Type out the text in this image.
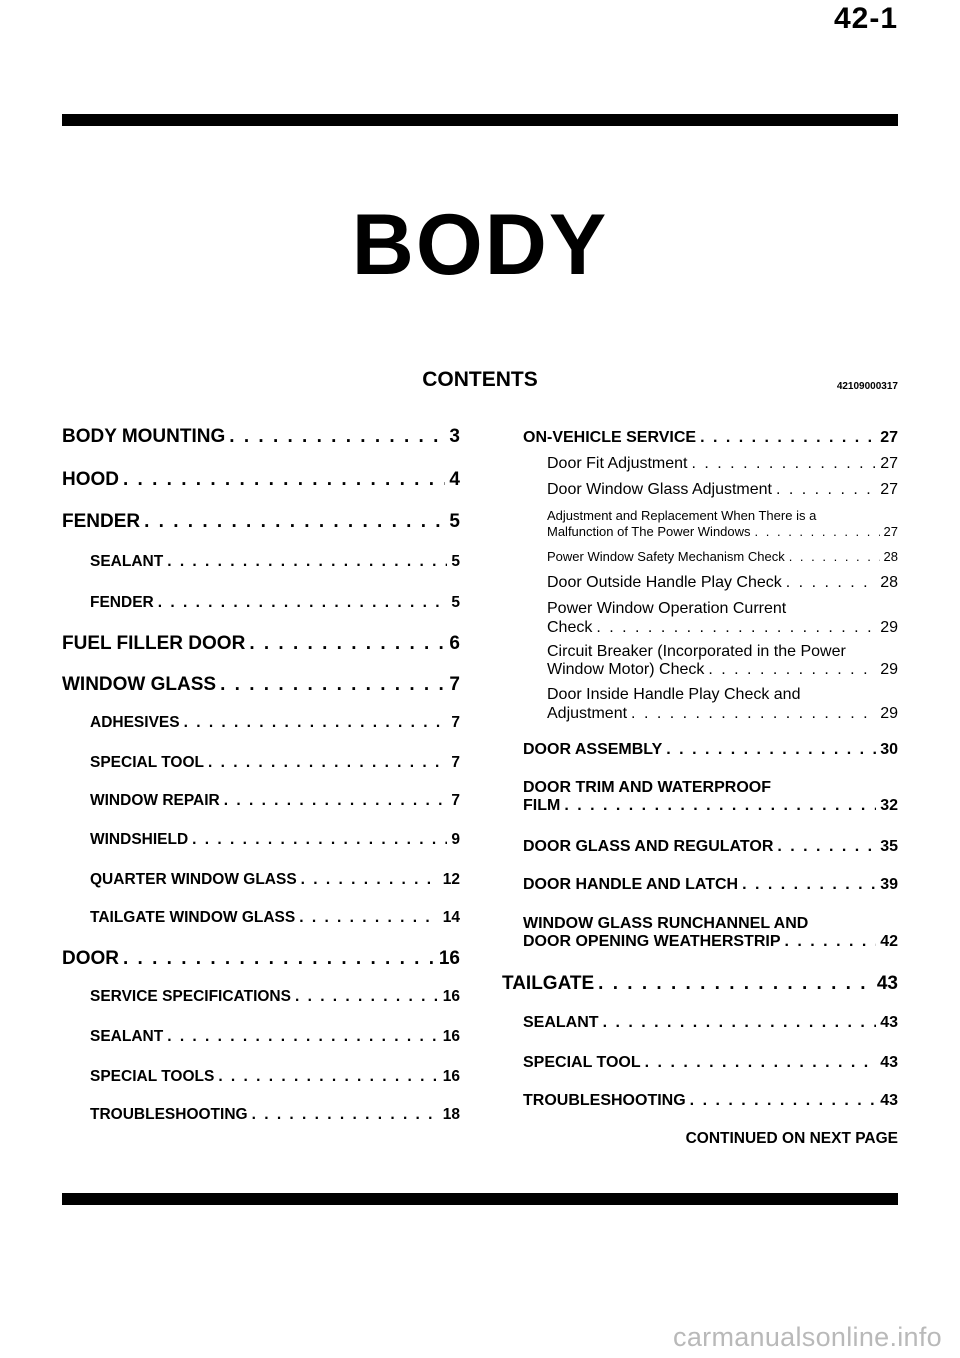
42-1
BODY
CONTENTS	42109000317
BODY MOUNTING . . .	3
HOOD . . .	4
FENDER . . .	5
SEALANT . . .	5
FENDER . . .	5
FUEL FILLER DOOR . . .	6
WINDOW GLASS . . .	7
ADHESIVES . . .	7
SPECIAL TOOL . . .	7
WINDOW REPAIR . . .	7
WINDSHIELD . . .	9
QUARTER WINDOW GLASS . . .	12
TAILGATE WINDOW GLASS . . .	14
DOOR . . .	16
SERVICE SPECIFICATIONS . . .	16
SEALANT . . .	16
SPECIAL TOOLS . . .	16
TROUBLESHOOTING . . .	18
ON-VEHICLE SERVICE . . .	27
Door Fit Adjustment . . .	27
Door Window Glass Adjustment . . .	27
Adjustment and Replacement When There is a
Malfunction of The Power Windows . . .	27
Power Window Safety Mechanism Check . . .	28
Door Outside Handle Play Check . . .	28
Power Window Operation Current
Check . . .	29
Circuit Breaker (Incorporated in the Power
Window Motor) Check . . .	29
Door Inside Handle Play Check and
Adjustment . . .	29
DOOR ASSEMBLY . . .	30
DOOR TRIM AND WATERPROOF
FILM . . .	32
DOOR GLASS AND REGULATOR . . .	35
DOOR HANDLE AND LATCH . . .	39
WINDOW GLASS RUNCHANNEL AND
DOOR OPENING WEATHERSTRIP . . .	42
TAILGATE . . .	43
SEALANT . . .	43
SPECIAL TOOL . . .	43
TROUBLESHOOTING . . .	43
CONTINUED ON NEXT PAGE
carmanualsonline.info
